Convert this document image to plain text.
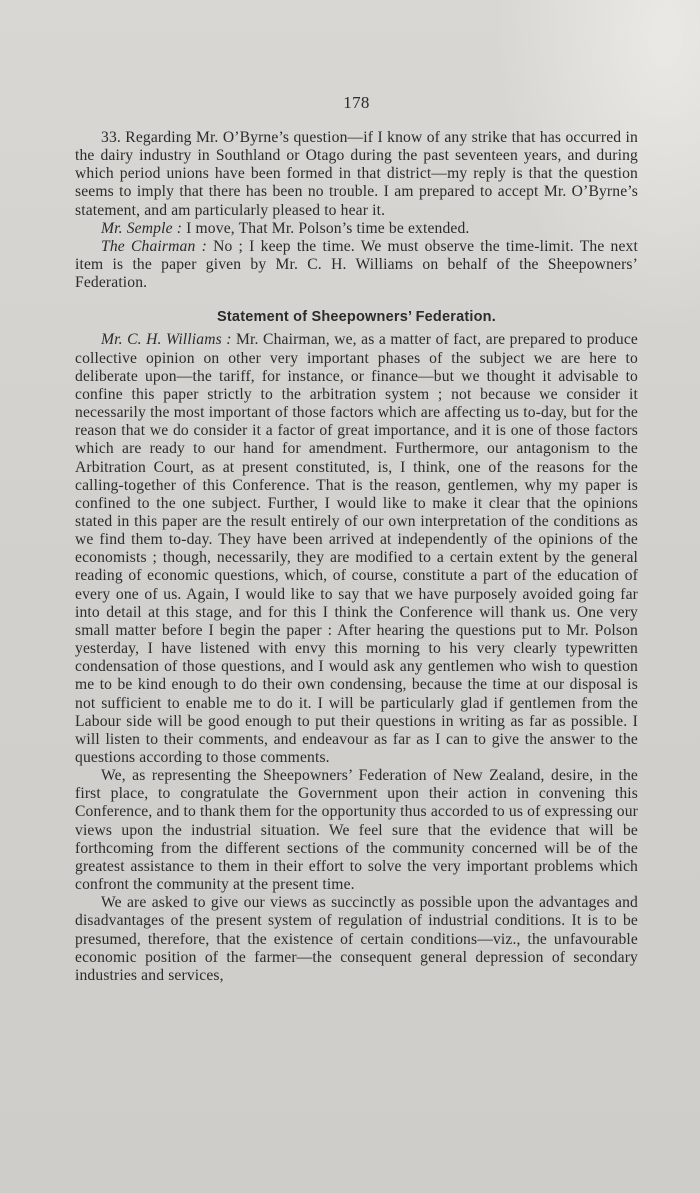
178

33. Regarding Mr. O’Byrne’s question—if I know of any strike that has occurred in the dairy industry in Southland or Otago during the past seventeen years, and during which period unions have been formed in that district—my reply is that the question seems to imply that there has been no trouble. I am prepared to accept Mr. O’Byrne’s statement, and am particularly pleased to hear it.

Mr. Semple : I move, That Mr. Polson’s time be extended.

The Chairman : No ; I keep the time. We must observe the time-limit. The next item is the paper given by Mr. C. H. Williams on behalf of the Sheepowners’ Federation.

Statement of Sheepowners’ Federation.

Mr. C. H. Williams : Mr. Chairman, we, as a matter of fact, are prepared to produce collective opinion on other very important phases of the subject we are here to deliberate upon—the tariff, for instance, or finance—but we thought it advisable to confine this paper strictly to the arbitration system ; not because we consider it necessarily the most important of those factors which are affecting us to-day, but for the reason that we do consider it a factor of great importance, and it is one of those factors which are ready to our hand for amendment. Furthermore, our antagonism to the Arbitration Court, as at present constituted, is, I think, one of the reasons for the calling-together of this Conference. That is the reason, gentlemen, why my paper is confined to the one subject. Further, I would like to make it clear that the opinions stated in this paper are the result entirely of our own interpretation of the conditions as we find them to-day. They have been arrived at independently of the opinions of the economists ; though, necessarily, they are modified to a certain extent by the general reading of economic questions, which, of course, constitute a part of the education of every one of us. Again, I would like to say that we have purposely avoided going far into detail at this stage, and for this I think the Conference will thank us. One very small matter before I begin the paper : After hearing the questions put to Mr. Polson yesterday, I have listened with envy this morning to his very clearly typewritten condensation of those questions, and I would ask any gentlemen who wish to question me to be kind enough to do their own condensing, because the time at our disposal is not sufficient to enable me to do it. I will be particularly glad if gentlemen from the Labour side will be good enough to put their questions in writing as far as possible. I will listen to their comments, and endeavour as far as I can to give the answer to the questions according to those comments.

We, as representing the Sheepowners’ Federation of New Zealand, desire, in the first place, to congratulate the Government upon their action in convening this Conference, and to thank them for the opportunity thus accorded to us of expressing our views upon the industrial situation. We feel sure that the evidence that will be forthcoming from the different sections of the community concerned will be of the greatest assistance to them in their effort to solve the very important problems which confront the community at the present time.

We are asked to give our views as succinctly as possible upon the advantages and disadvantages of the present system of regulation of industrial conditions. It is to be presumed, therefore, that the existence of certain conditions—viz., the unfavourable economic position of the farmer—the consequent general depression of secondary industries and services,
